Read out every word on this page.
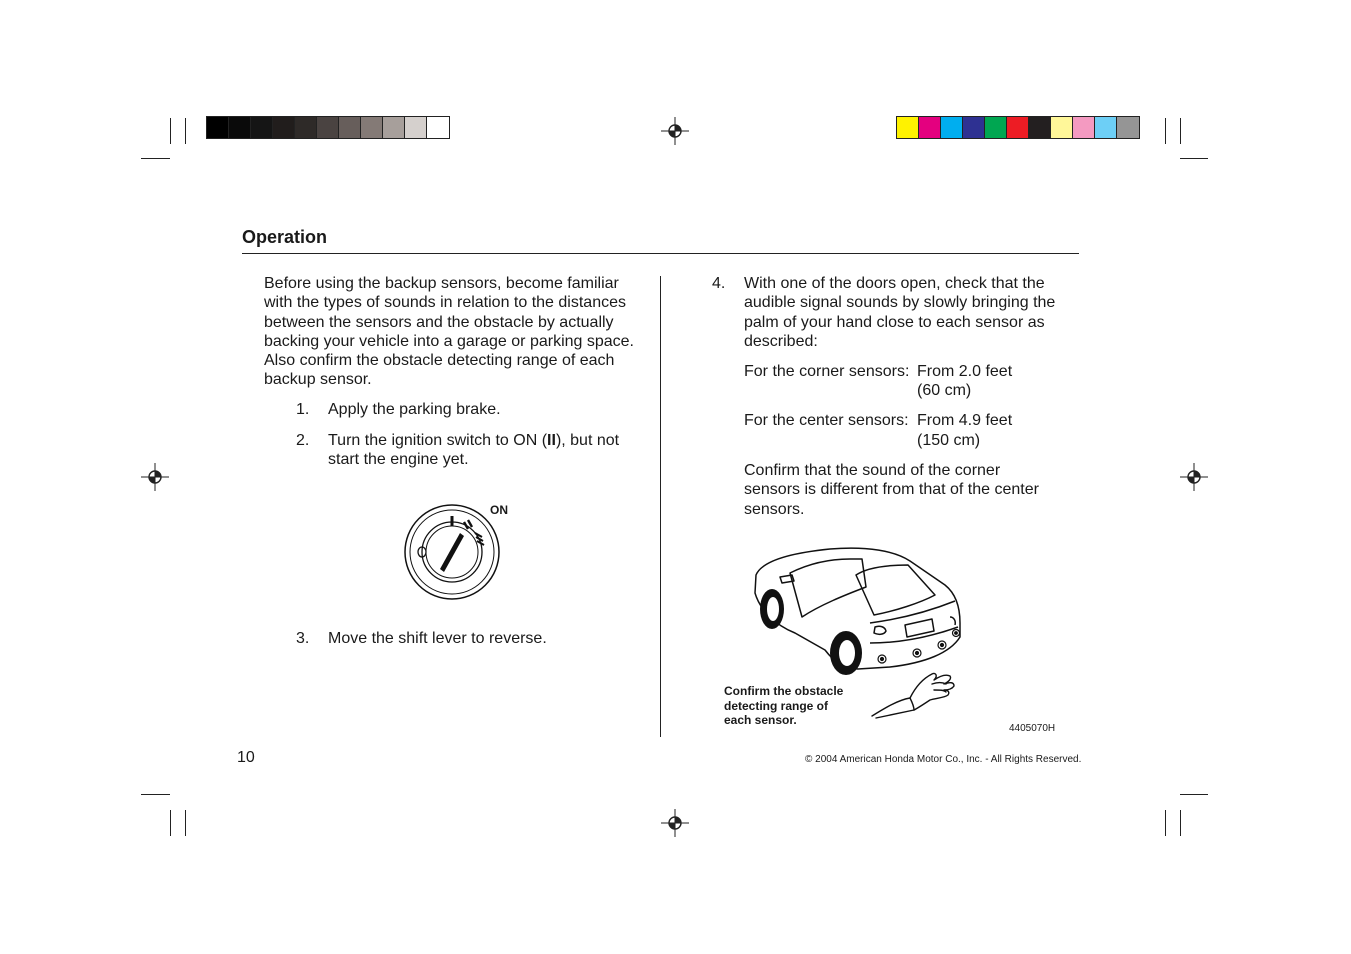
Operation
Before using the backup sensors, become familiar with the types of sounds in relation to the distances between the sensors and the obstacle by actually backing your vehicle into a garage or parking space. Also confirm the obstacle detecting range of each backup sensor.
1. Apply the parking brake.
2. Turn the ignition switch to ON (II), but not start the engine yet.
ON
3. Move the shift lever to reverse.
4. With one of the doors open, check that the audible signal sounds by slowly bringing the palm of your hand close to each sensor as described:
For the corner sensors: From 2.0 feet
(60 cm)
For the center sensors: From 4.9 feet
(150 cm)
Confirm that the sound of the corner sensors is different from that of the center sensors.
Confirm the obstacle
detecting range of
each sensor.
4405070H
10	© 2004 American Honda Motor Co., Inc. - All Rights Reserved.
